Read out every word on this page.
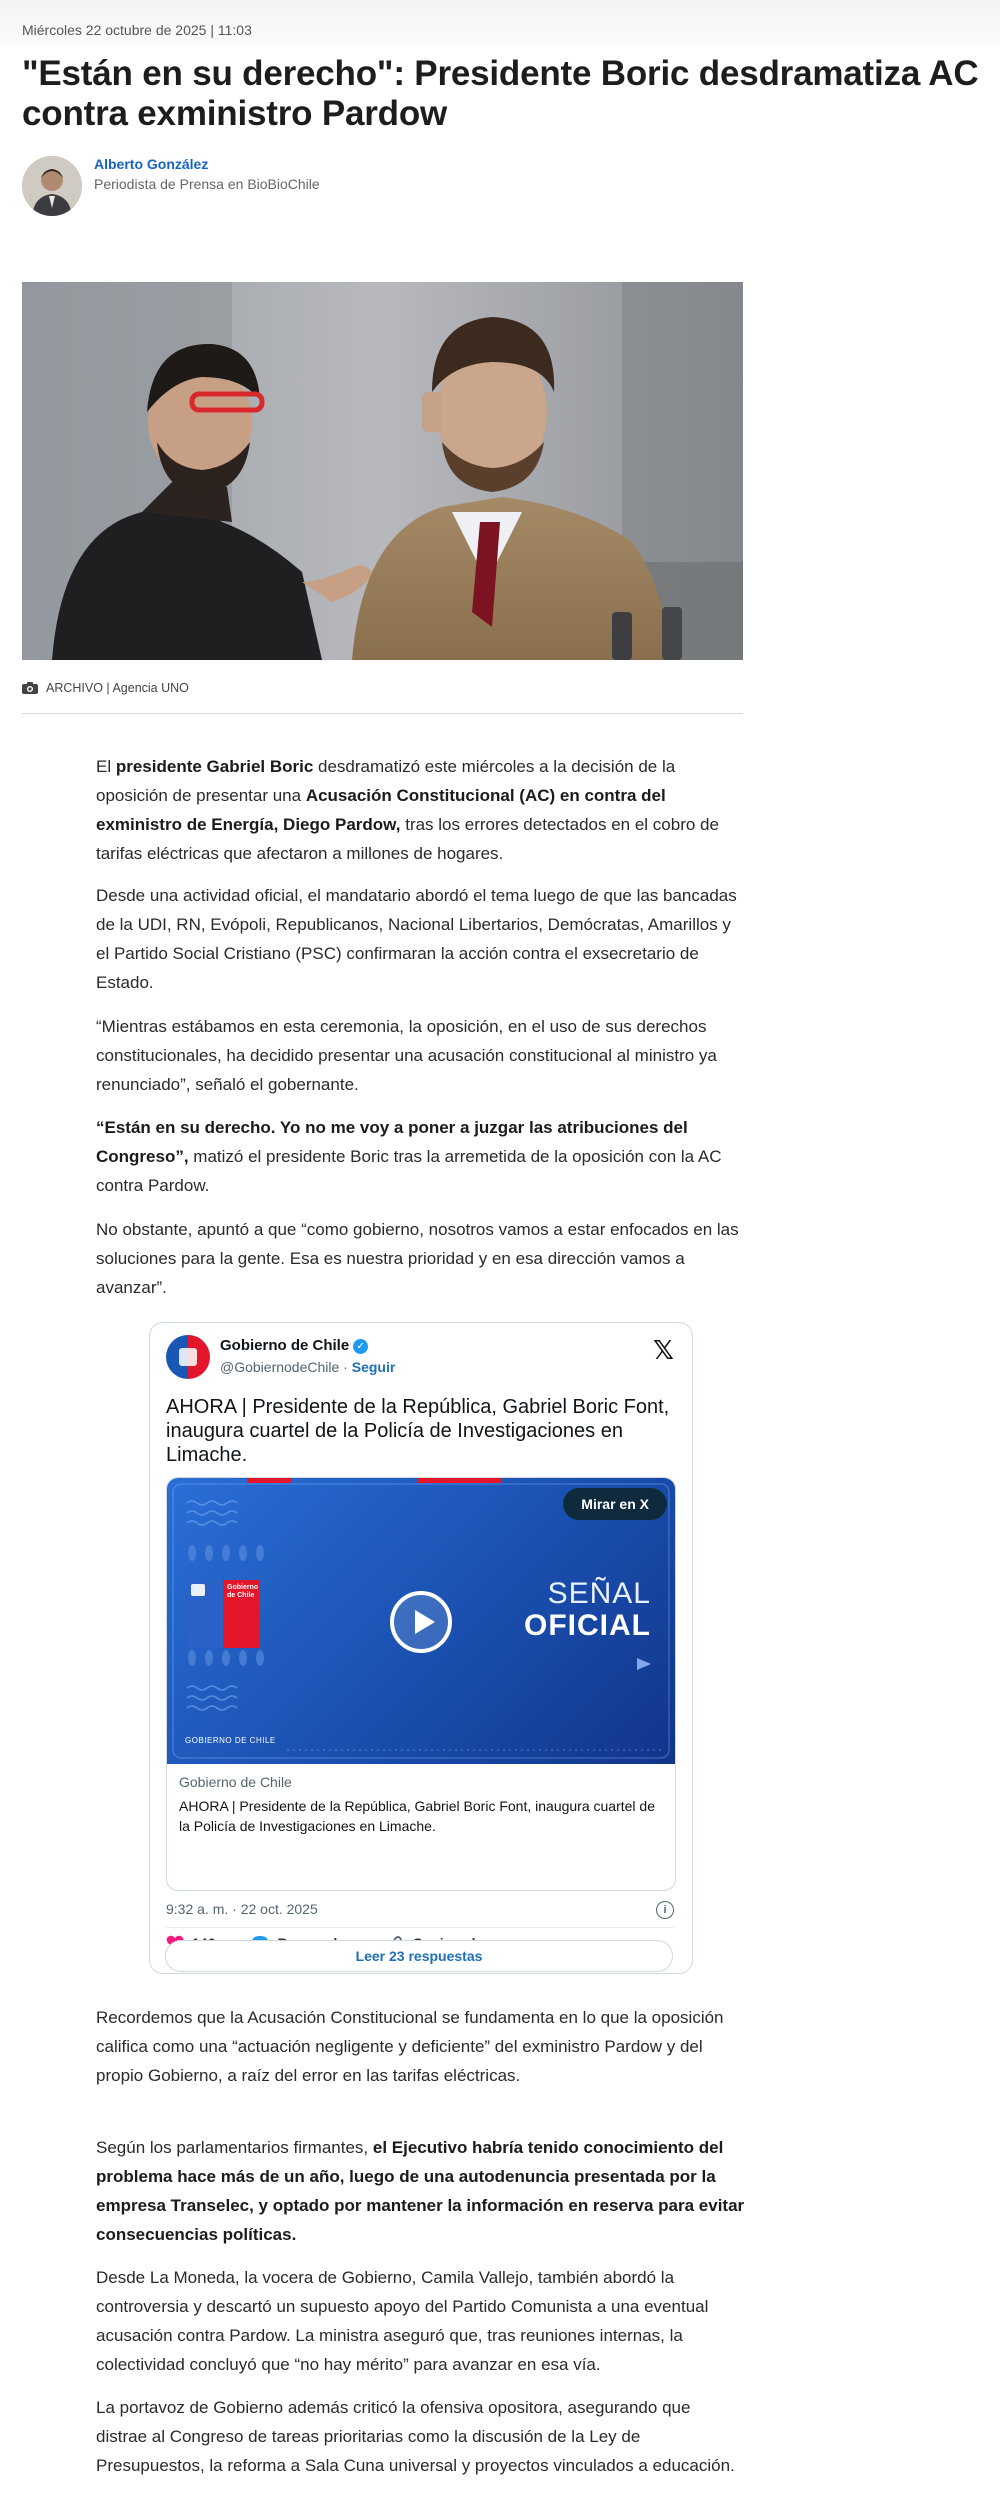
Miércoles 22 octubre de 2025 | 11:03
"Están en su derecho": Presidente Boric desdramatiza AC contra exministro Pardow
Alberto González
Periodista de Prensa en BioBioChile
ARCHIVO | Agencia UNO

El presidente Gabriel Boric desdramatizó este miércoles a la decisión de la oposición de presentar una Acusación Constitucional (AC) en contra del exministro de Energía, Diego Pardow, tras los errores detectados en el cobro de tarifas eléctricas que afectaron a millones de hogares.

Desde una actividad oficial, el mandatario abordó el tema luego de que las bancadas de la UDI, RN, Evópoli, Republicanos, Nacional Libertarios, Demócratas, Amarillos y el Partido Social Cristiano (PSC) confirmaran la acción contra el exsecretario de Estado.

“Mientras estábamos en esta ceremonia, la oposición, en el uso de sus derechos constitucionales, ha decidido presentar una acusación constitucional al ministro ya renunciado”, señaló el gobernante.

“Están en su derecho. Yo no me voy a poner a juzgar las atribuciones del Congreso”, matizó el presidente Boric tras la arremetida de la oposición con la AC contra Pardow.

No obstante, apuntó a que “como gobierno, nosotros vamos a estar enfocados en las soluciones para la gente. Esa es nuestra prioridad y en esa dirección vamos a avanzar”.

Gobierno de Chile ✓
@GobiernodeChile · Seguir
𝕏

AHORA | Presidente de la República, Gabriel Boric Font, inaugura cuartel de la Policía de Investigaciones en Limache.

Gobierno de Chile
Mirar en X
SEÑAL
OFICIAL
GOBIERNO DE CHILE
Gobierno de Chile

AHORA | Presidente de la República, Gabriel Boric Font, inaugura cuartel de la Policía de Investigaciones en Limache.

9:32 a. m. · 22 oct. 2025	i
Leer 23 respuestas

Recordemos que la Acusación Constitucional se fundamenta en lo que la oposición califica como una “actuación negligente y deficiente” del exministro Pardow y del propio Gobierno, a raíz del error en las tarifas eléctricas.

Según los parlamentarios firmantes, el Ejecutivo habría tenido conocimiento del problema hace más de un año, luego de una autodenuncia presentada por la empresa Transelec, y optado por mantener la información en reserva para evitar consecuencias políticas.

Desde La Moneda, la vocera de Gobierno, Camila Vallejo, también abordó la controversia y descartó un supuesto apoyo del Partido Comunista a una eventual acusación contra Pardow. La ministra aseguró que, tras reuniones internas, la colectividad concluyó que “no hay mérito” para avanzar en esa vía.

La portavoz de Gobierno además criticó la ofensiva opositora, asegurando que distrae al Congreso de tareas prioritarias como la discusión de la Ley de Presupuestos, la reforma a Sala Cuna universal y proyectos vinculados a educación.
